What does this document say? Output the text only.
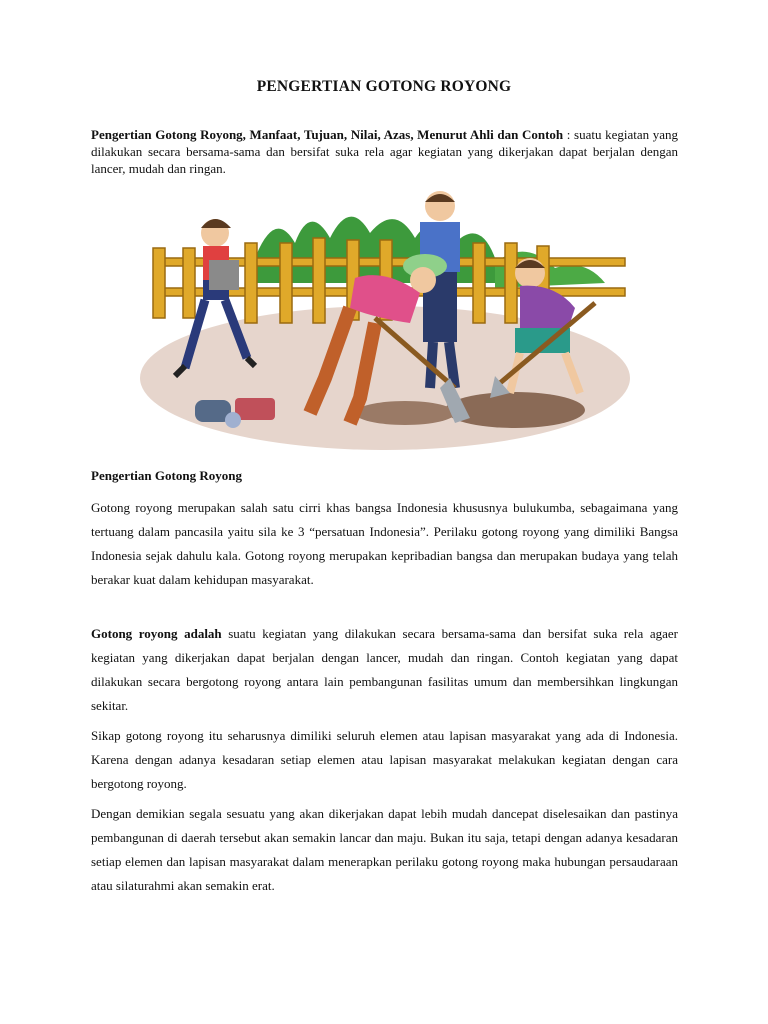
PENGERTIAN GOTONG ROYONG
Pengertian Gotong Royong, Manfaat, Tujuan, Nilai, Azas, Menurut Ahli dan Contoh : suatu kegiatan yang dilakukan secara bersama-sama dan bersifat suka rela agar kegiatan yang dikerjakan dapat berjalan dengan lancer, mudah dan ringan.
Pengertian Gotong Royong

Gotong royong merupakan salah satu cirri khas bangsa Indonesia khususnya bulukumba, sebagaimana yang tertuang dalam pancasila yaitu sila ke 3 “persatuan Indonesia”. Perilaku gotong royong yang dimiliki Bangsa Indonesia sejak dahulu kala. Gotong royong merupakan kepribadian bangsa dan merupakan budaya yang telah berakar kuat dalam kehidupan masyarakat.

Gotong royong adalah suatu kegiatan yang dilakukan secara bersama-sama dan bersifat suka rela agaer kegiatan yang dikerjakan dapat berjalan dengan lancer, mudah dan ringan. Contoh kegiatan yang dapat dilakukan secara bergotong royong antara lain pembangunan fasilitas umum dan membersihkan lingkungan sekitar.

Sikap gotong royong itu seharusnya dimiliki seluruh elemen atau lapisan masyarakat yang ada di Indonesia. Karena dengan adanya kesadaran setiap elemen atau lapisan masyarakat melakukan kegiatan dengan cara bergotong royong.

Dengan demikian segala sesuatu yang akan dikerjakan dapat lebih mudah dancepat diselesaikan dan pastinya pembangunan di daerah tersebut akan semakin lancar dan maju. Bukan itu saja, tetapi dengan adanya kesadaran setiap elemen dan lapisan masyarakat dalam menerapkan perilaku gotong royong maka hubungan persaudaraan atau silaturahmi akan semakin erat.
